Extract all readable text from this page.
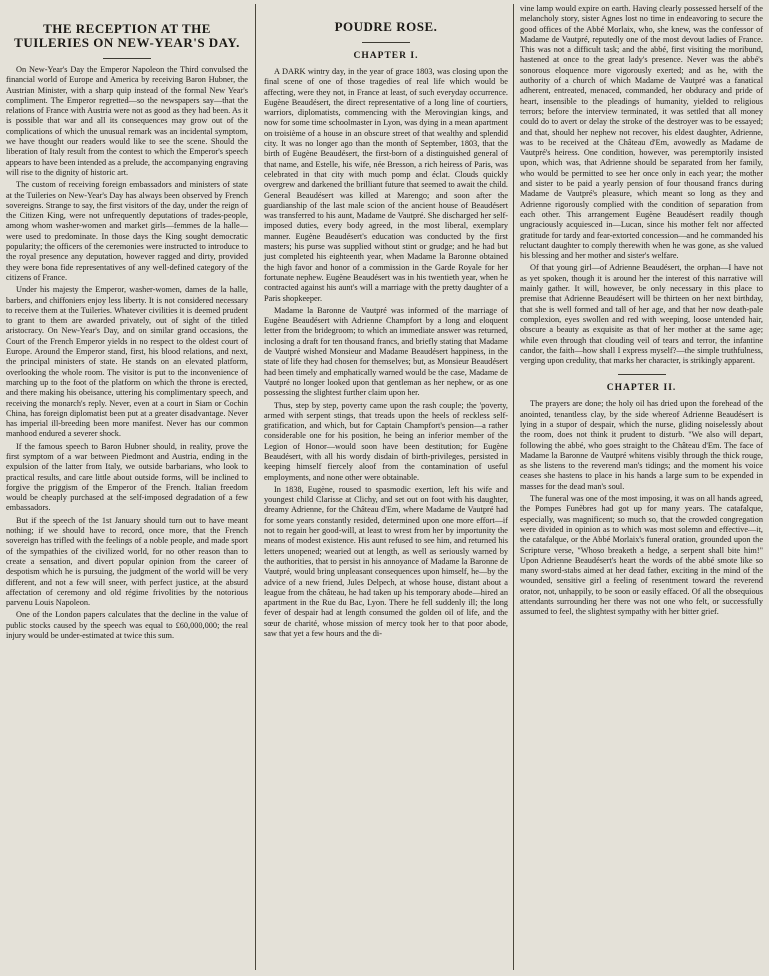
THE RECEPTION AT THE TUILERIES ON NEW-YEAR'S DAY.

On New-Year's Day the Emperor Napoleon the Third convulsed the financial world of Europe and America by receiving Baron Hubner, the Austrian Minister, with a sharp quip instead of the formal New Year's compliment. The Emperor regretted—so the newspapers say—that the relations of France with Austria were not as good as they had been. As it is possible that war and all its consequences may grow out of the complications of which the unusual remark was an incidental symptom, we have thought our readers would like to see the scene. Should the liberation of Italy result from the contest to which the Emperor's speech appears to have been intended as a prelude, the accompanying engraving will rise to the dignity of historic art.

The custom of receiving foreign embassadors and ministers of state at the Tuileries on New-Year's Day has always been observed by French sovereigns. Strange to say, the first visitors of the day, under the reign of the Citizen King, were not unfrequently deputations of trades-people, among whom washer-women and market girls—femmes de la halle—were used to predominate. In those days the King sought democratic popularity; the officers of the ceremonies were instructed to introduce to the royal presence any deputation, however ragged and dirty, provided they were bona fide representatives of any well-defined category of the citizens of France.

Under his majesty the Emperor, washer-women, dames de la halle, barbers, and chiffoniers enjoy less liberty. It is not considered necessary to receive them at the Tuileries. Whatever civilities it is deemed prudent to grant to them are awarded privately, out of sight of the titled aristocracy. On New-Year's Day, and on similar grand occasions, the Court of the French Emperor yields in no respect to the oldest court of Europe. Around the Emperor stand, first, his blood relations, and next, the principal ministers of state. He stands on an elevated platform, overlooking the whole room. The visitor is put to the inconvenience of marching up to the foot of the platform on which the throne is erected, and there making his obeisance, uttering his complimentary speech, and receiving the monarch's reply. Never, even at a court in Siam or Cochin China, has foreign diplomatist been put at a greater disadvantage. Never has imperial ill-breeding been more manifest. Never has our common manhood endured a severer shock.

If the famous speech to Baron Hubner should, in reality, prove the first symptom of a war between Piedmont and Austria, ending in the expulsion of the latter from Italy, we outside barbarians, who look to practical results, and care little about outside forms, will be inclined to forgive the priggism of the Emperor of the French. Italian freedom would be cheaply purchased at the self-imposed degradation of a few embassadors.

But if the speech of the 1st January should turn out to have meant nothing; if we should have to record, once more, that the French sovereign has trifled with the feelings of a noble people, and made sport of the sympathies of the civilized world, for no other reason than to create a sensation, and divert popular opinion from the career of despotism which he is pursuing, the judgment of the world will be very different, and not a few will sneer, with perfect justice, at the absurd affectation of ceremony and old régime frivolities by the notorious parvenu Louis Napoleon.

One of the London papers calculates that the decline in the value of public stocks caused by the speech was equal to £60,000,000; the real injury would be under-estimated at twice this sum.

POUDRE ROSE.
CHAPTER I.

A DARK wintry day, in the year of grace 1803, was closing upon the final scene of one of those tragedies of real life which would be affecting, were they not, in France at least, of such everyday occurrence. Eugène Beaudésert, the direct representative of a long line of courtiers, warriors, diplomatists, commencing with the Merovingian kings, and now for some time schoolmaster in Lyon, was dying in a mean apartment on troisième of a house in an obscure street of that wealthy and splendid city. It was no longer ago than the month of September, 1803, that the birth of Eugène Beaudésert, the first-born of a distinguished general of that name, and Estelle, his wife, née Bresson, a rich heiress of Paris, was celebrated in that city with much pomp and éclat. Clouds quickly overgrew and darkened the brilliant future that seemed to await the child. General Beaudésert was killed at Marengo; and soon after the guardianship of the last male scion of the ancient house of Beaudésert was transferred to his aunt, Madame de Vautpré. She discharged her self-imposed duties, every body agreed, in the most liberal, exemplary manner. Eugène Beaudésert's education was conducted by the first masters; his purse was supplied without stint or grudge; and he had but just completed his eighteenth year, when Madame la Baronne obtained the high favor and honor of a commission in the Garde Royale for her fortunate nephew. Eugène Beaudésert was in his twentieth year, when he contracted against his aunt's will a marriage with the pretty daughter of a Paris shopkeeper.

Madame la Baronne de Vautpré was informed of the marriage of Eugène Beaudésert with Adrienne Champfort by a long and eloquent letter from the bridegroom; to which an immediate answer was returned, inclosing a draft for ten thousand francs, and briefly stating that Madame de Vautpré wished Monsieur and Madame Beaudésert happiness, in the state of life they had chosen for themselves; but, as Monsieur Beaudésert had been timely and emphatically warned would be the case, Madame de Vautpré no longer looked upon that gentleman as her nephew, or as one possessing the slightest further claim upon her.

Thus, step by step, poverty came upon the rash couple; the 'poverty, armed with serpent stings, that treads upon the heels of reckless self-gratification, and which, but for Captain Champfort's pension—a rather considerable one for his position, he being an inferior member of the Legion of Honor—would soon have been destitution; for Eugène Beaudésert, with all his wordy disdain of birth-privileges, persisted in keeping himself fiercely aloof from the contamination of useful employments, and none other were obtainable.

In 1838, Eugène, roused to spasmodic exertion, left his wife and youngest child Clarisse at Clichy, and set out on foot with his daughter, dreamy Adrienne, for the Château d'Em, where Madame de Vautpré had for some years constantly resided, determined upon one more effort—if not to regain her good-will, at least to wrest from her by importunity the means of modest existence. His aunt refused to see him, and returned his letters unopened; wearied out at length, as well as seriously warned by the authorities, that to persist in his annoyance of Madame la Baronne de Vautpré, would bring unpleasant consequences upon himself, he—by the advice of a new friend, Jules Delpech, at whose house, distant about a league from the château, he had taken up his temporary abode—hired an apartment in the Rue du Bac, Lyon. There he fell suddenly ill; the long fever of despair had at length consumed the golden oil of life, and the sœur de charité, whose mission of mercy took her to that poor abode, saw that yet a few hours and the di-

vine lamp would expire on earth. Having clearly possessed herself of the melancholy story, sister Agnes lost no time in endeavoring to secure the good offices of the Abbé Morlaix, who, she knew, was the confessor of Madame de Vautpré, reputedly one of the most devout ladies of France. This was not a difficult task; and the abbé, first visiting the moribund, hastened at once to the great lady's presence. Never was the abbé's sonorous eloquence more vigorously exerted; and as he, with the authority of a church of which Madame de Vautpré was a fanatical adherent, entreated, menaced, commanded, her obduracy and pride of heart, insensible to the pleadings of humanity, yielded to religious terrors; before the interview terminated, it was settled that all money could do to avert or delay the stroke of the destroyer was to be essayed; and that, should her nephew not recover, his eldest daughter, Adrienne, was to be received at the Château d'Em, avowedly as Madame de Vautpré's heiress. One condition, however, was peremptorily insisted upon, which was, that Adrienne should be separated from her family, who would be permitted to see her once only in each year; the mother and sister to be paid a yearly pension of four thousand francs during Madame de Vautpré's pleasure, which meant so long as they and Adrienne rigorously complied with the condition of separation from each other. This arrangement Eugène Beaudésert readily though ungraciously acquiesced in—Lucan, since his mother felt nor affected gratitude for tardy and fear-extorted concession—and he commanded his reluctant daughter to comply therewith when he was gone, as she valued his blessing and her mother and sister's welfare.

Of that young girl—of Adrienne Beaudésert, the orphan—I have not as yet spoken, though it is around her the interest of this narrative will mainly gather. It will, however, be only necessary in this place to premise that Adrienne Beaudésert will be thirteen on her next birthday, that she is well formed and tall of her age, and that her now death-pale complexion, eyes swollen and red with weeping, loose untended hair, obscure a beauty as exquisite as that of her mother at the same age; while even through that clouding veil of tears and terror, the infantine candor, the faith—how shall I express myself?—the simple truthfulness, verging upon credulity, that marks her character, is strikingly apparent.

CHAPTER II.

The prayers are done; the holy oil has dried upon the forehead of the anointed, tenantless clay, by the side whereof Adrienne Beaudésert is lying in a stupor of despair, which the nurse, gliding noiselessly about the room, does not think it prudent to disturb. "We also will depart, following the abbé, who goes straight to the Château d'Em. The face of Madame la Baronne de Vautpré whitens visibly through the thick rouge, as she listens to the reverend man's tidings; and the moment his voice ceases she hastens to place in his hands a large sum to be expended in masses for the dead man's soul.

The funeral was one of the most imposing, it was on all hands agreed, the Pompes Funèbres had got up for many years. The catafalque, especially, was magnificent; so much so, that the crowded congregation were divided in opinion as to which was most solemn and effective—it, the catafalque, or the Abbé Morlaix's funeral oration, grounded upon the Scripture verse, "Whoso breaketh a hedge, a serpent shall bite him!" Upon Adrienne Beaudésert's heart the words of the abbé smote like so many sword-stabs aimed at her dead father, exciting in the mind of the wounded, sensitive girl a feeling of resentment toward the reverend orator, not, unhappily, to be soon or easily effaced. Of all the obsequious attendants surrounding her there was not one who felt, or successfully assumed to feel, the slightest sympathy with her bitter grief.
